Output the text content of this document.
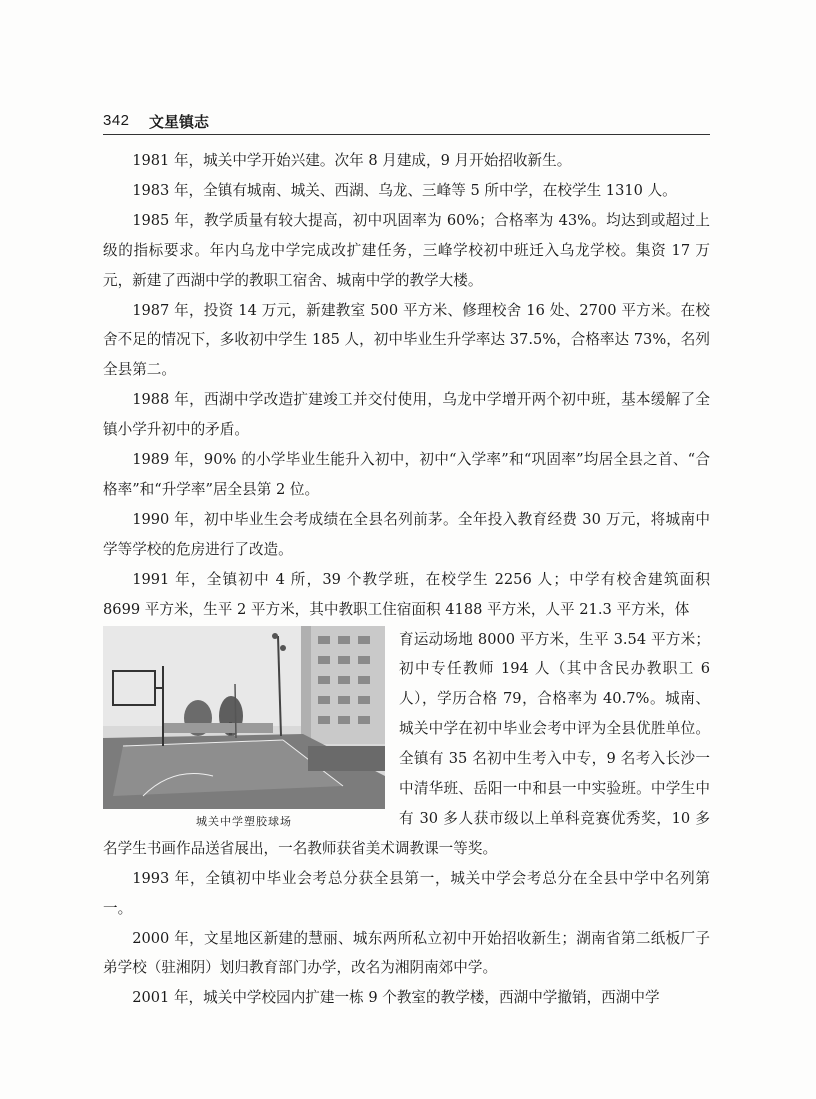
342 文星镇志

1981 年，城关中学开始兴建。次年 8 月建成，9 月开始招收新生。

1983 年，全镇有城南、城关、西湖、乌龙、三峰等 5 所中学，在校学生 1310 人。

1985 年，教学质量有较大提高，初中巩固率为 60%；合格率为 43%。均达到或超过上级的指标要求。年内乌龙中学完成改扩建任务，三峰学校初中班迁入乌龙学校。集资 17 万元，新建了西湖中学的教职工宿舍、城南中学的教学大楼。

1987 年，投资 14 万元，新建教室 500 平方米、修理校舍 16 处、2700 平方米。在校舍不足的情况下，多收初中学生 185 人，初中毕业生升学率达 37.5%，合格率达 73%，名列全县第二。

1988 年，西湖中学改造扩建竣工并交付使用，乌龙中学增开两个初中班，基本缓解了全镇小学升初中的矛盾。

1989 年，90% 的小学毕业生能升入初中，初中“入学率”和“巩固率”均居全县之首、“合格率”和“升学率”居全县第 2 位。

1990 年，初中毕业生会考成绩在全县名列前茅。全年投入教育经费 30 万元，将城南中学等学校的危房进行了改造。

1991 年，全镇初中 4 所，39 个教学班，在校学生 2256 人；中学有校舍建筑面积 8699 平方米，生平 2 平方米，其中教职工住宿面积 4188 平方米，人平 21.3 平方米，体

城关中学塑胶球场

育运动场地 8000 平方米，生平 3.54 平方米；初中专任教师 194 人（其中含民办教职工 6 人），学历合格 79，合格率为 40.7%。城南、城关中学在初中毕业会考中评为全县优胜单位。全镇有 35 名初中生考入中专，9 名考入长沙一中清华班、岳阳一中和县一中实验班。中学生中有 30 多人获市级以上单科竞赛优秀奖，10 多名学生书画作品送省展出，一名教师获省美术调教课一等奖。

1993 年，全镇初中毕业会考总分获全县第一，城关中学会考总分在全县中学中名列第一。

2000 年，文星地区新建的慧丽、城东两所私立初中开始招收新生；湖南省第二纸板厂子弟学校（驻湘阴）划归教育部门办学，改名为湘阴南郊中学。

2001 年，城关中学校园内扩建一栋 9 个教室的教学楼，西湖中学撤销，西湖中学
